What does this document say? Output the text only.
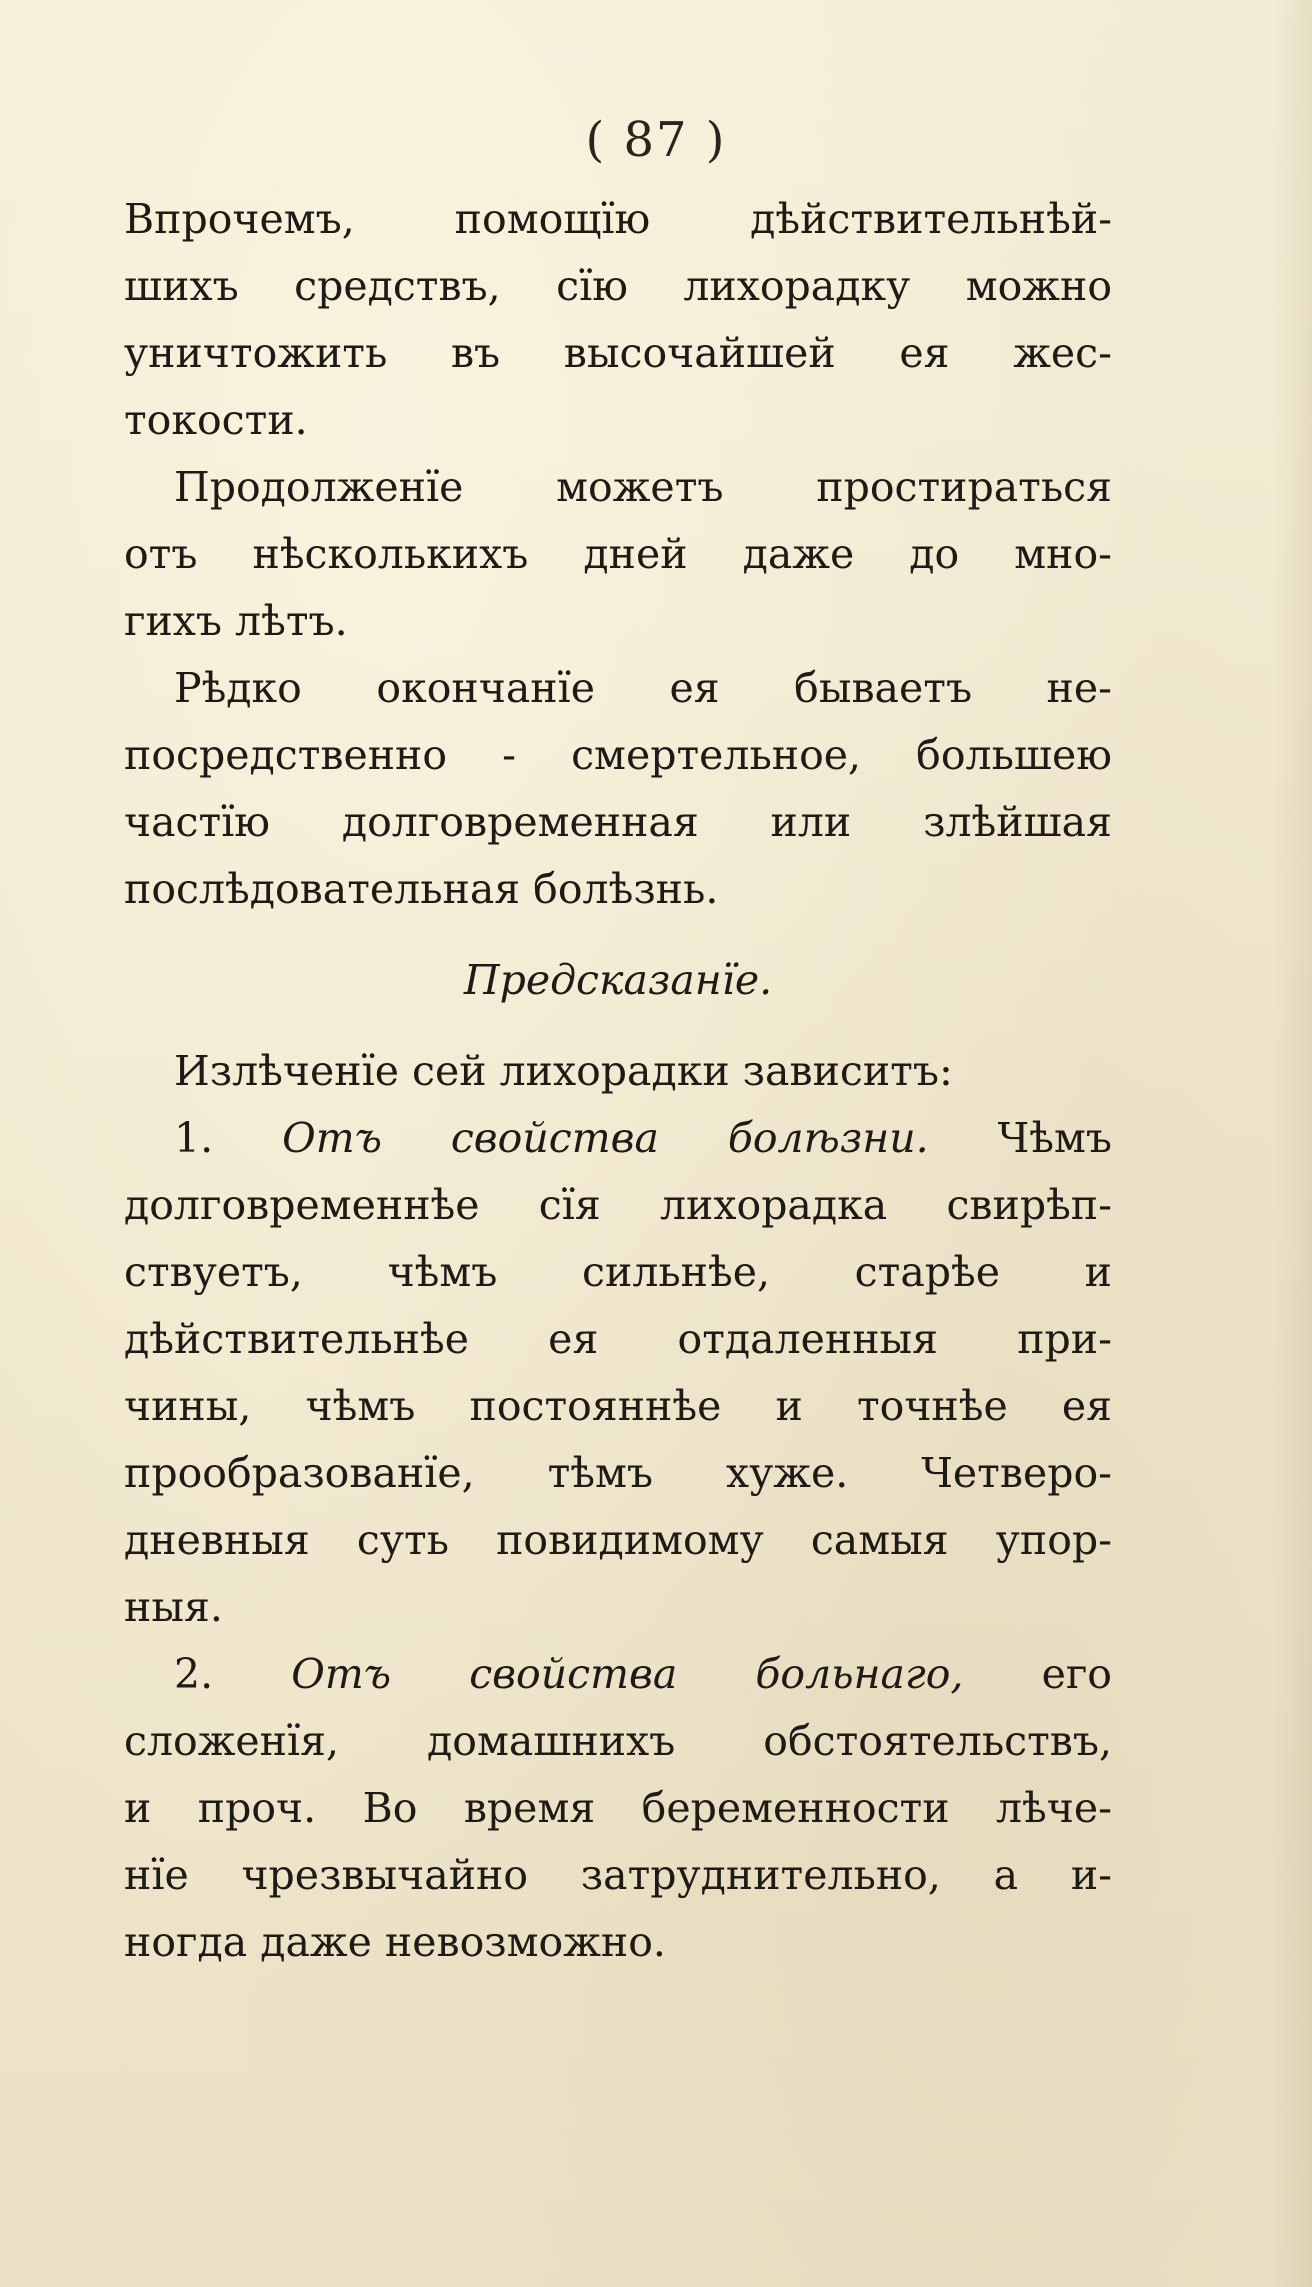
( 87 )
Впрочемъ, помощїю дѣйствительнѣй-
шихъ средствъ, сїю лихорадку можно
уничтожить въ высочайшей ея жес-
токости.
Продолженїе можетъ простираться
отъ нѣсколькихъ дней даже до мно-
гихъ лѣтъ.
Рѣдко окончанїе ея бываетъ не-
посредственно - смертельное, большею
частїю долговременная или злѣйшая
послѣдовательная болѣзнь.
Предсказанїе.
Излѣченїе сей лихорадки зависитъ:
1. Отъ свойства болѣзни. Чѣмъ
долговременнѣе сїя лихорадка свирѣп-
ствуетъ, чѣмъ сильнѣе, старѣе и
дѣйствительнѣе ея отдаленныя при-
чины, чѣмъ постояннѣе и точнѣе ея
прообразованїе, тѣмъ хуже. Четверо-
дневныя суть повидимому самыя упор-
ныя.
2. Отъ свойства больнаго, его
сложенїя, домашнихъ обстоятельствъ,
и проч. Во время беременности лѣче-
нїе чрезвычайно затруднительно, а и-
ногда даже невозможно.
